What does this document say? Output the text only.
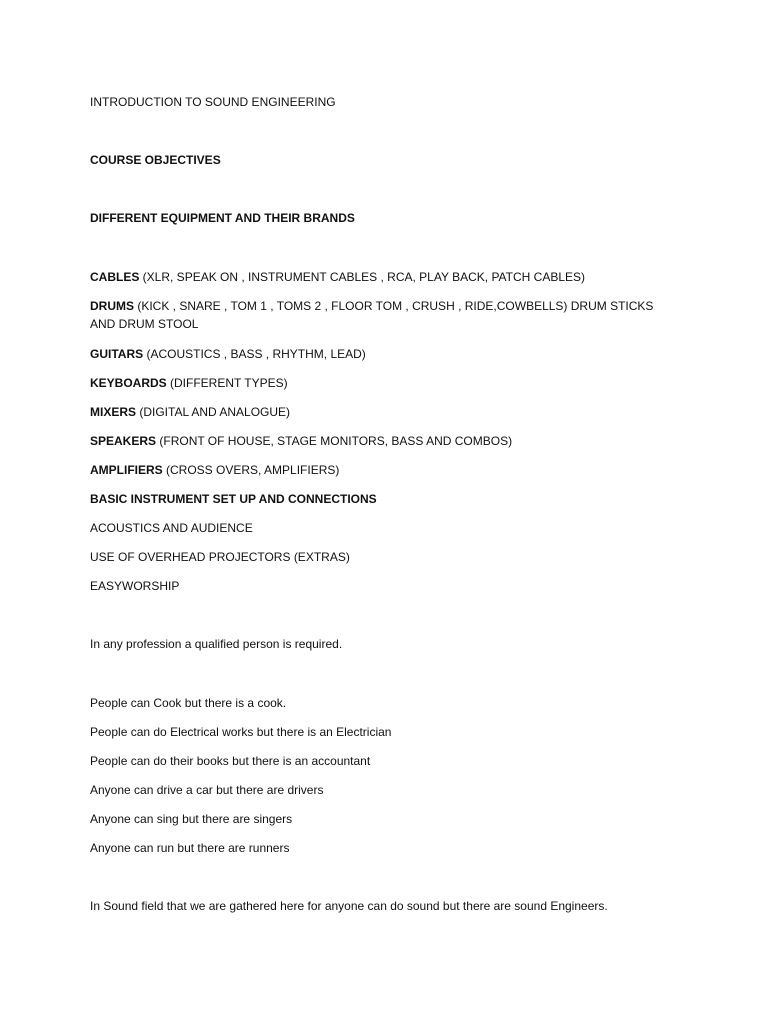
INTRODUCTION TO SOUND ENGINEERING
COURSE OBJECTIVES
DIFFERENT EQUIPMENT AND THEIR BRANDS
CABLES (XLR, SPEAK ON , INSTRUMENT CABLES , RCA, PLAY BACK, PATCH CABLES)
DRUMS (KICK , SNARE , TOM 1 , TOMS 2 , FLOOR TOM , CRUSH , RIDE,COWBELLS) DRUM STICKS AND DRUM STOOL
GUITARS (ACOUSTICS , BASS , RHYTHM, LEAD)
KEYBOARDS (DIFFERENT TYPES)
MIXERS (DIGITAL AND ANALOGUE)
SPEAKERS (FRONT OF HOUSE, STAGE MONITORS, BASS AND COMBOS)
AMPLIFIERS (CROSS OVERS, AMPLIFIERS)
BASIC INSTRUMENT SET UP AND CONNECTIONS
ACOUSTICS AND AUDIENCE
USE OF OVERHEAD PROJECTORS (EXTRAS)
EASYWORSHIP
In any profession a qualified person is required.
People can Cook but there is a cook.
People can do Electrical works but there is an Electrician
People can do their books but there is an accountant
Anyone can drive a car but there are drivers
Anyone can sing but there are singers
Anyone can run but there are runners
In Sound field that we are gathered here for anyone can do sound but there are sound Engineers.
